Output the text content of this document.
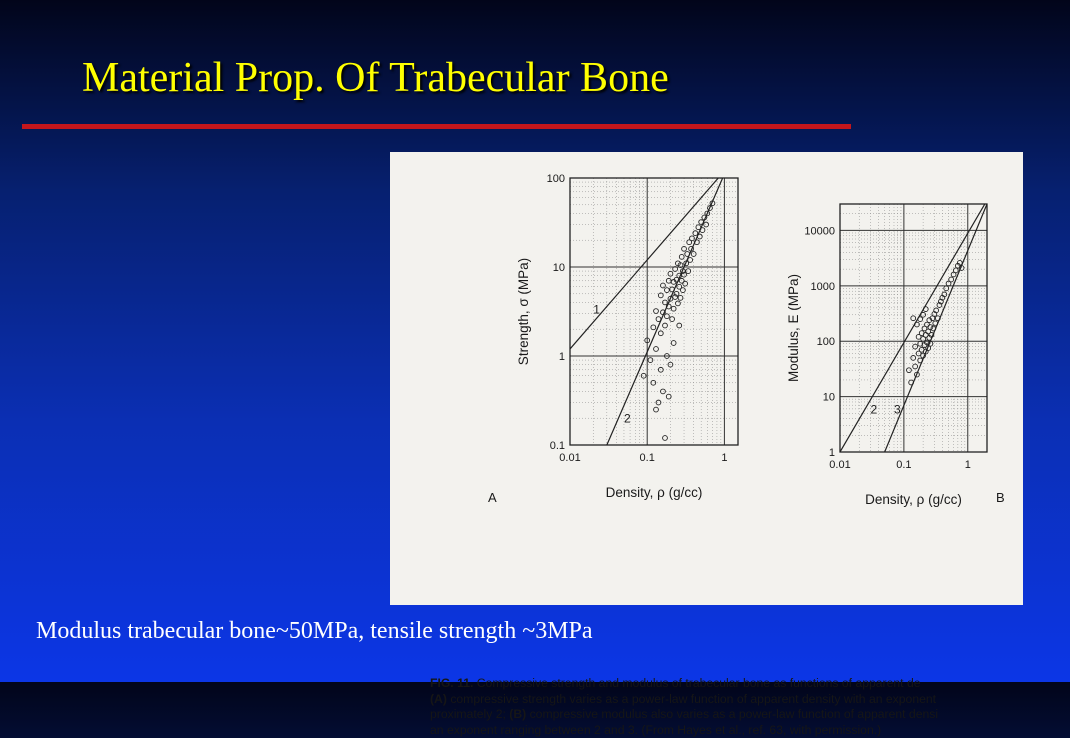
Material Prop. Of Trabecular Bone
1
2
0.1
1
10
100
0.01	0.1	1
Density, ρ (g/cc)
Strength, σ (MPa)
2 3
1
10
100
1000
10000
0.01	0.1	1
Density, ρ (g/cc)
Modulus, E (MPa)
A	B
FIG. 11. Compressive strength and modulus of trabecular bone as functions of apparent de
(A) compressive strength varies as a power-law function of apparent density with an exponent
proximately 2; (B) compressive modulus also varies as a power-law function of apparent densi
an exponent ranging between 2 and 3. (From Hayes et al., ref. 63, with permission.)

Modulus trabecular bone~50MPa, tensile strength ~3MPa
